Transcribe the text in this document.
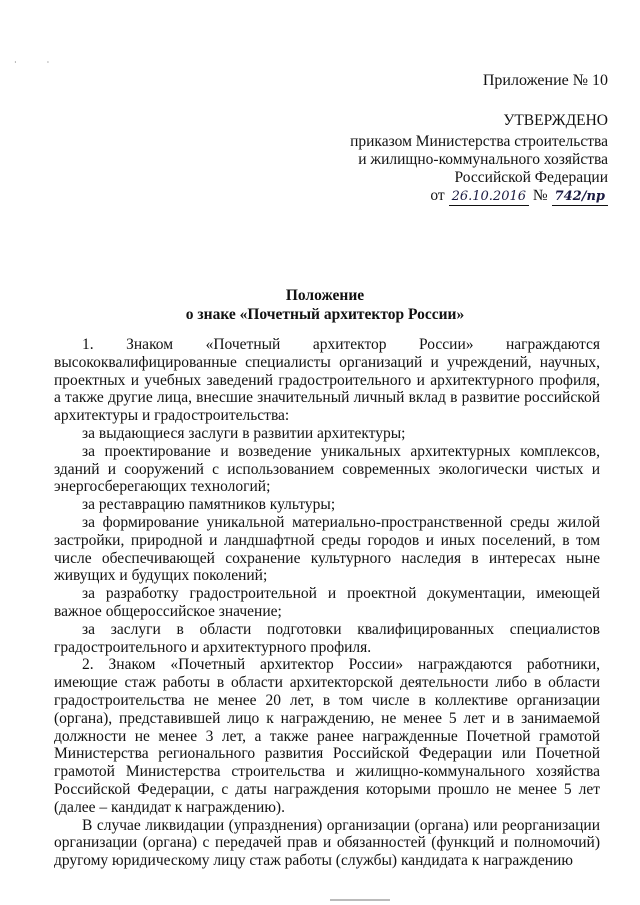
· ·
Приложение № 10
УТВЕРЖДЕНО
приказом Министерства строительства
и жилищно-коммунального хозяйства
Российской Федерации
от 26.10.2016 № 742/пр
Положение
о знаке «Почетный архитектор России»

1. Знаком «Почетный архитектор России» награждаются высококвалифицированные специалисты организаций и учреждений, научных, проектных и учебных заведений градостроительного и архитектурного профиля, а также другие лица, внесшие значительный личный вклад в развитие российской архитектуры и градостроительства:

за выдающиеся заслуги в развитии архитектуры;

за проектирование и возведение уникальных архитектурных комплексов, зданий и сооружений с использованием современных экологически чистых и энергосберегающих технологий;

за реставрацию памятников культуры;

за формирование уникальной материально-пространственной среды жилой застройки, природной и ландшафтной среды городов и иных поселений, в том числе обеспечивающей сохранение культурного наследия в интересах ныне живущих и будущих поколений;

за разработку градостроительной и проектной документации, имеющей важное общероссийское значение;

за заслуги в области подготовки квалифицированных специалистов градостроительного и архитектурного профиля.

2. Знаком «Почетный архитектор России» награждаются работники, имеющие стаж работы в области архитекторской деятельности либо в области градостроительства не менее 20 лет, в том числе в коллективе организации (органа), представившей лицо к награждению, не менее 5 лет и в занимаемой должности не менее 3 лет, а также ранее награжденные Почетной грамотой Министерства регионального развития Российской Федерации или Почетной грамотой Министерства строительства и жилищно-коммунального хозяйства Российской Федерации, с даты награждения которыми прошло не менее 5 лет (далее – кандидат к награждению).

В случае ликвидации (упразднения) организации (органа) или реорганизации организации (органа) с передачей прав и обязанностей (функций и полномочий) другому юридическому лицу стаж работы (службы) кандидата к награждению
